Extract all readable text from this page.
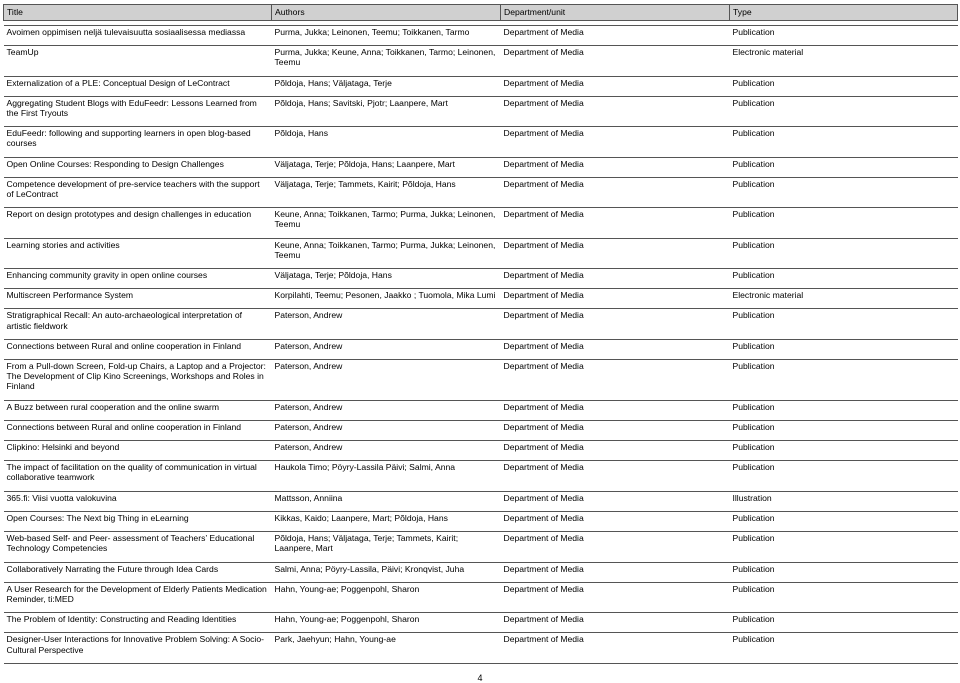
Title	Authors	Department/unit	Type

Avoimen oppimisen neljä tulevaisuutta sosiaalisessa mediassa	Purma, Jukka; Leinonen, Teemu; Toikkanen, Tarmo	Department of Media	Publication
TeamUp	Purma, Jukka; Keune, Anna; Toikkanen, Tarmo; Leinonen, Teemu	Department of Media	Electronic material
Externalization of a PLE: Conceptual Design of LeContract	Põldoja, Hans; Väljataga, Terje	Department of Media	Publication
Aggregating Student Blogs with EduFeedr: Lessons Learned from the First Tryouts	Põldoja, Hans; Savitski, Pjotr; Laanpere, Mart	Department of Media	Publication
EduFeedr: following and supporting learners in open blog-based courses	Põldoja, Hans	Department of Media	Publication
Open Online Courses: Responding to Design Challenges	Väljataga, Terje; Põldoja, Hans; Laanpere, Mart	Department of Media	Publication
Competence development of pre-service teachers with the support of LeContract	Väljataga, Terje; Tammets, Kairit; Põldoja, Hans	Department of Media	Publication
Report on design prototypes and design challenges in education	Keune, Anna; Toikkanen, Tarmo; Purma, Jukka; Leinonen, Teemu	Department of Media	Publication
Learning stories and activities	Keune, Anna; Toikkanen, Tarmo; Purma, Jukka; Leinonen, Teemu	Department of Media	Publication
Enhancing community gravity in open online courses	Väljataga, Terje; Põldoja, Hans	Department of Media	Publication
Multiscreen Performance System	Korpilahti, Teemu; Pesonen, Jaakko ; Tuomola, Mika Lumi	Department of Media	Electronic material
Stratigraphical Recall: An auto-archaeological interpretation of artistic fieldwork	Paterson, Andrew	Department of Media	Publication
Connections between Rural and online cooperation in Finland	Paterson, Andrew	Department of Media	Publication
From a Pull-down Screen, Fold-up Chairs, a Laptop and a Projector: The Development of Clip Kino Screenings, Workshops and Roles in Finland	Paterson, Andrew	Department of Media	Publication
A Buzz between rural cooperation and the online swarm	Paterson, Andrew	Department of Media	Publication
Connections between Rural and online cooperation in Finland	Paterson, Andrew	Department of Media	Publication
Clipkino: Helsinki and beyond	Paterson, Andrew	Department of Media	Publication
The impact of facilitation on the quality of communication in virtual collaborative teamwork	Haukola Timo; Pöyry-Lassila Päivi; Salmi, Anna	Department of Media	Publication
365.fi: Viisi vuotta valokuvina	Mattsson, Anniina	Department of Media	Illustration
Open Courses: The Next big Thing in eLearning	Kikkas, Kaido; Laanpere, Mart; Põldoja, Hans	Department of Media	Publication
Web-based Self- and Peer- assessment of Teachers’ Educational Technology Competencies	Põldoja, Hans; Väljataga, Terje; Tammets, Kairit; Laanpere, Mart	Department of Media	Publication
Collaboratively Narrating the Future through Idea Cards	Salmi, Anna; Pöyry-Lassila, Päivi; Kronqvist, Juha	Department of Media	Publication
A User Research for the Development of Elderly Patients Medication Reminder, ti:MED	Hahn, Young-ae; Poggenpohl, Sharon	Department of Media	Publication
The Problem of Identity: Constructing and Reading Identities	Hahn, Young-ae; Poggenpohl, Sharon	Department of Media	Publication
Designer-User Interactions for Innovative Problem Solving: A Socio-Cultural Perspective	Park, Jaehyun; Hahn, Young-ae	Department of Media	Publication
4
